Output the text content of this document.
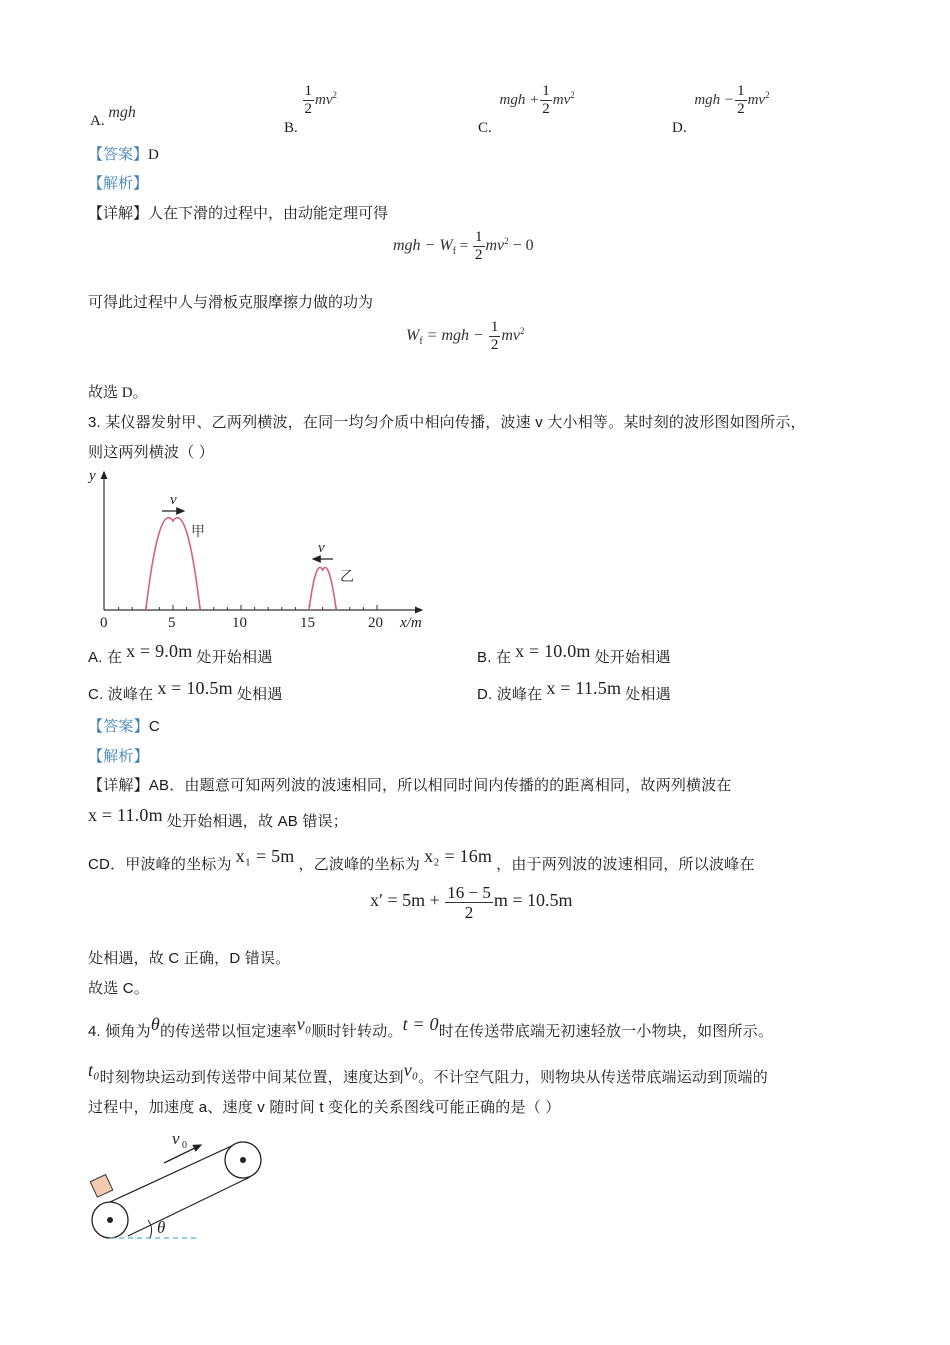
A. mgh
B.
$\frac{1}{2} mv^2$
C. mgh + $\frac{1}{2} mv^2$
D. mgh − $\frac{1}{2} mv^2$
【答案】D
【解析】
【详解】人在下滑的过程中，由动能定理可得
mgh − $W_f = \frac{1}{2} mv^2 - 0$
可得此过程中人与滑板克服摩擦力做的功为
$W_f$ = mgh − $\frac{1}{2} mv^2$
故选 D。
3. 某仪器发射甲、乙两列横波，在同一均匀介质中相向传播，波速 v 大小相等。某时刻的波形图如图所示，
则这两列横波（ ）
y
v
v
0	5	10	15	20 x/m
甲
乙
A. 在 x = 9.0m 处开始相遇	B. 在 x = 10.0m 处开始相遇
C. 波峰在 x = 10.5m 处相遇	D. 波峰在 x = 11.5m 处相遇
【答案】C
【解析】
【详解】AB．由题意可知两列波的波速相同，所以相同时间内传播的的距离相同，故两列横波在
x = 11.0m 处开始相遇，故 AB 错误；
CD．甲波峰的坐标为 x₁ = 5m ，乙波峰的坐标为 x₂ = 16m ，由于两列波的波速相同，所以波峰在
$x' = 5m + \frac{16 - 5}{2}$ m = 10.5m
处相遇，故 C 正确，D 错误。
故选 C。
4. 倾角为θ的传送带以恒定速率v₀顺时针转动。t = 0时在传送带底端无初速轻放一小物块，如图所示。
t₀时刻物块运动到传送带中间某位置，速度达到v₀。不计空气阻力，则物块从传送带底端运动到顶端的
过程中，加速度 a、速度 v 随时间 t 变化的关系图线可能正确的是（ ）
v 0
θ
